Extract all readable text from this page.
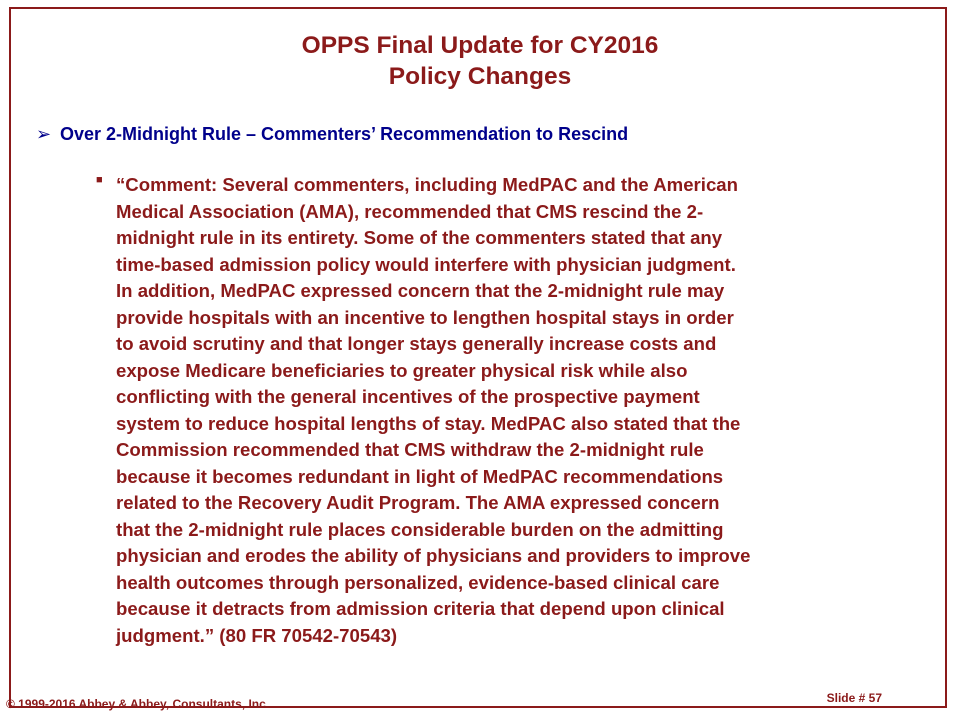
OPPS Final Update for CY2016
Policy Changes
➢ Over 2-Midnight Rule – Commenters’ Recommendation to Rescind
■ “Comment: Several commenters, including MedPAC and the American
Medical Association (AMA), recommended that CMS rescind the 2-
midnight rule in its entirety. Some of the commenters stated that any
time-based admission policy would interfere with physician judgment.
In addition, MedPAC expressed concern that the 2-midnight rule may
provide hospitals with an incentive to lengthen hospital stays in order
to avoid scrutiny and that longer stays generally increase costs and
expose Medicare beneficiaries to greater physical risk while also
conflicting with the general incentives of the prospective payment
system to reduce hospital lengths of stay. MedPAC also stated that the
Commission recommended that CMS withdraw the 2-midnight rule
because it becomes redundant in light of MedPAC recommendations
related to the Recovery Audit Program. The AMA expressed concern
that the 2-midnight rule places considerable burden on the admitting
physician and erodes the ability of physicians and providers to improve
health outcomes through personalized, evidence-based clinical care
because it detracts from admission criteria that depend upon clinical
judgment.” (80 FR 70542-70543)
© 1999-2016 Abbey & Abbey, Consultants, Inc.	Slide # 57
